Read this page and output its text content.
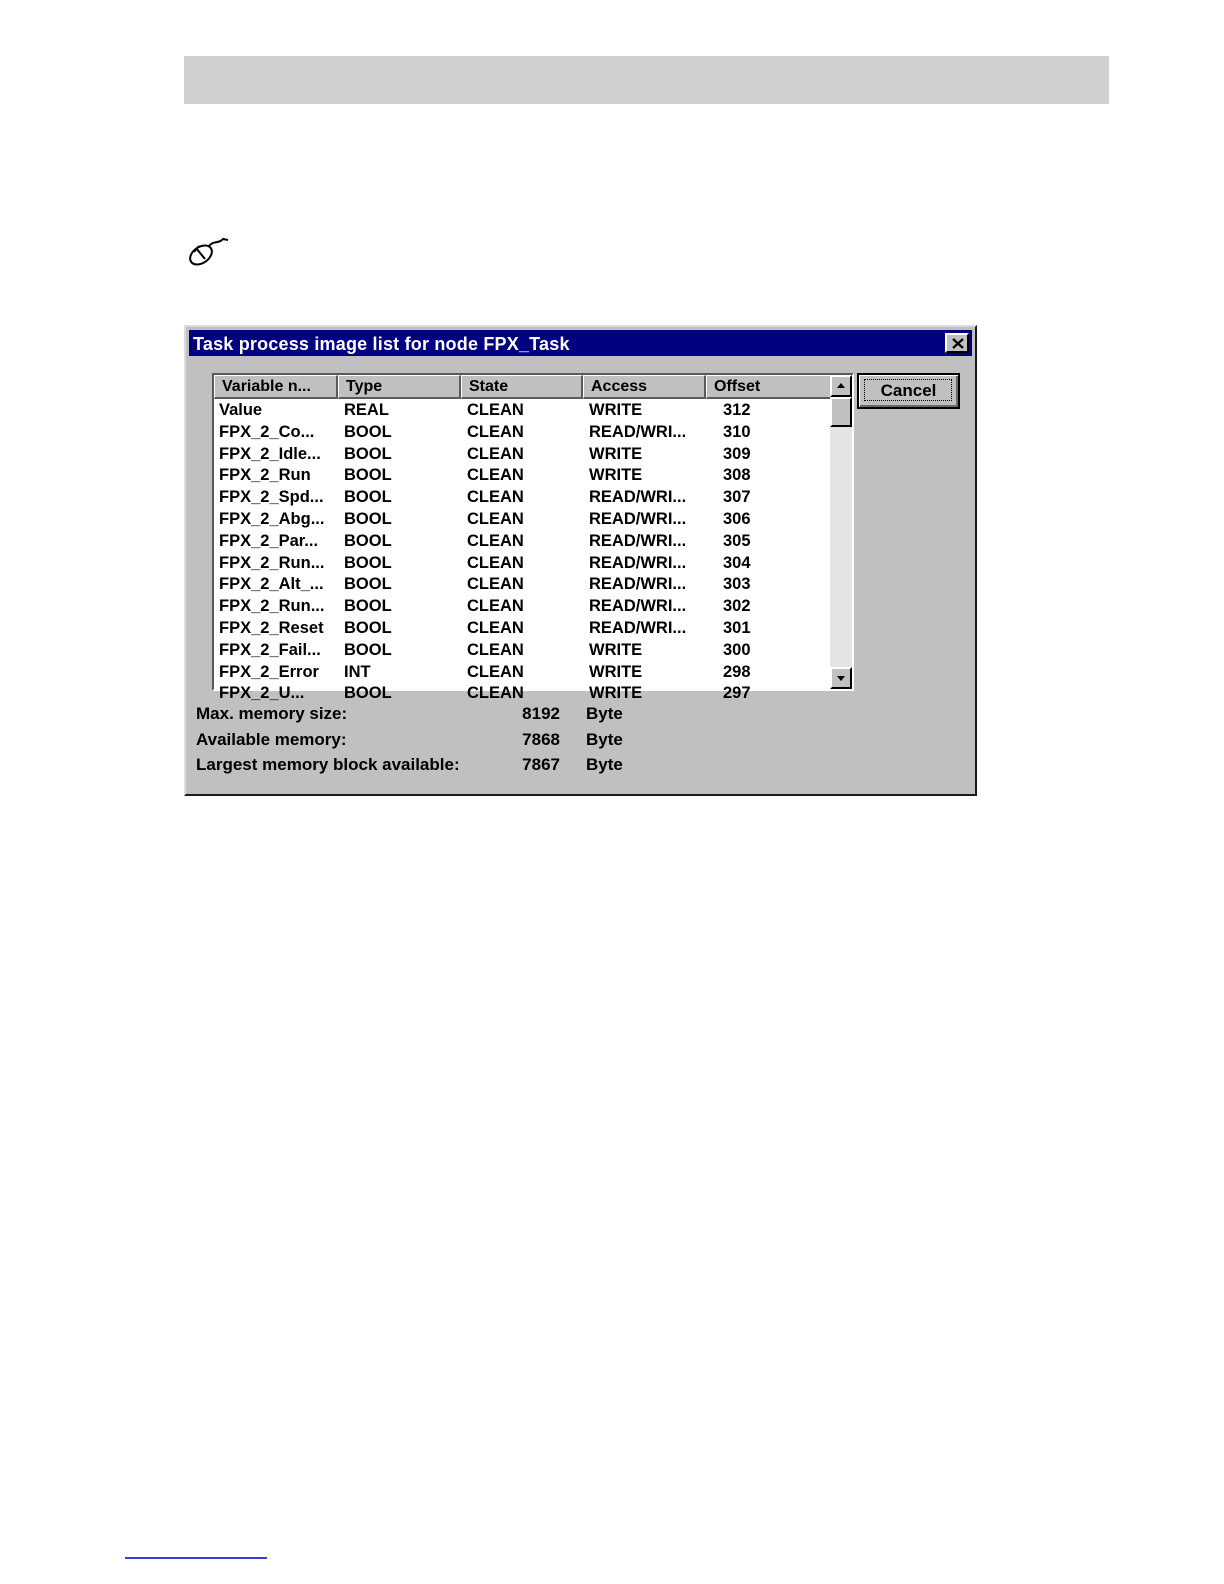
Task process image list for node FPX_Task
Variable n...	Type	State	Access	Offset
Value	REAL	CLEAN	WRITE	312
FPX_2_Co...	BOOL	CLEAN	READ/WRI...	310
FPX_2_Idle...	BOOL	CLEAN	WRITE	309
FPX_2_Run	BOOL	CLEAN	WRITE	308
FPX_2_Spd...	BOOL	CLEAN	READ/WRI...	307
FPX_2_Abg...	BOOL	CLEAN	READ/WRI...	306
FPX_2_Par...	BOOL	CLEAN	READ/WRI...	305
FPX_2_Run...	BOOL	CLEAN	READ/WRI...	304
FPX_2_Alt_...	BOOL	CLEAN	READ/WRI...	303
FPX_2_Run...	BOOL	CLEAN	READ/WRI...	302
FPX_2_Reset	BOOL	CLEAN	READ/WRI...	301
FPX_2_Fail...	BOOL	CLEAN	WRITE	300
FPX_2_Error	INT	CLEAN	WRITE	298
FPX_2_U...	BOOL	CLEAN	WRITE	297
Cancel
Max. memory size:	8192 Byte
Available memory:	7868 Byte
Largest memory block available:	7867 Byte
